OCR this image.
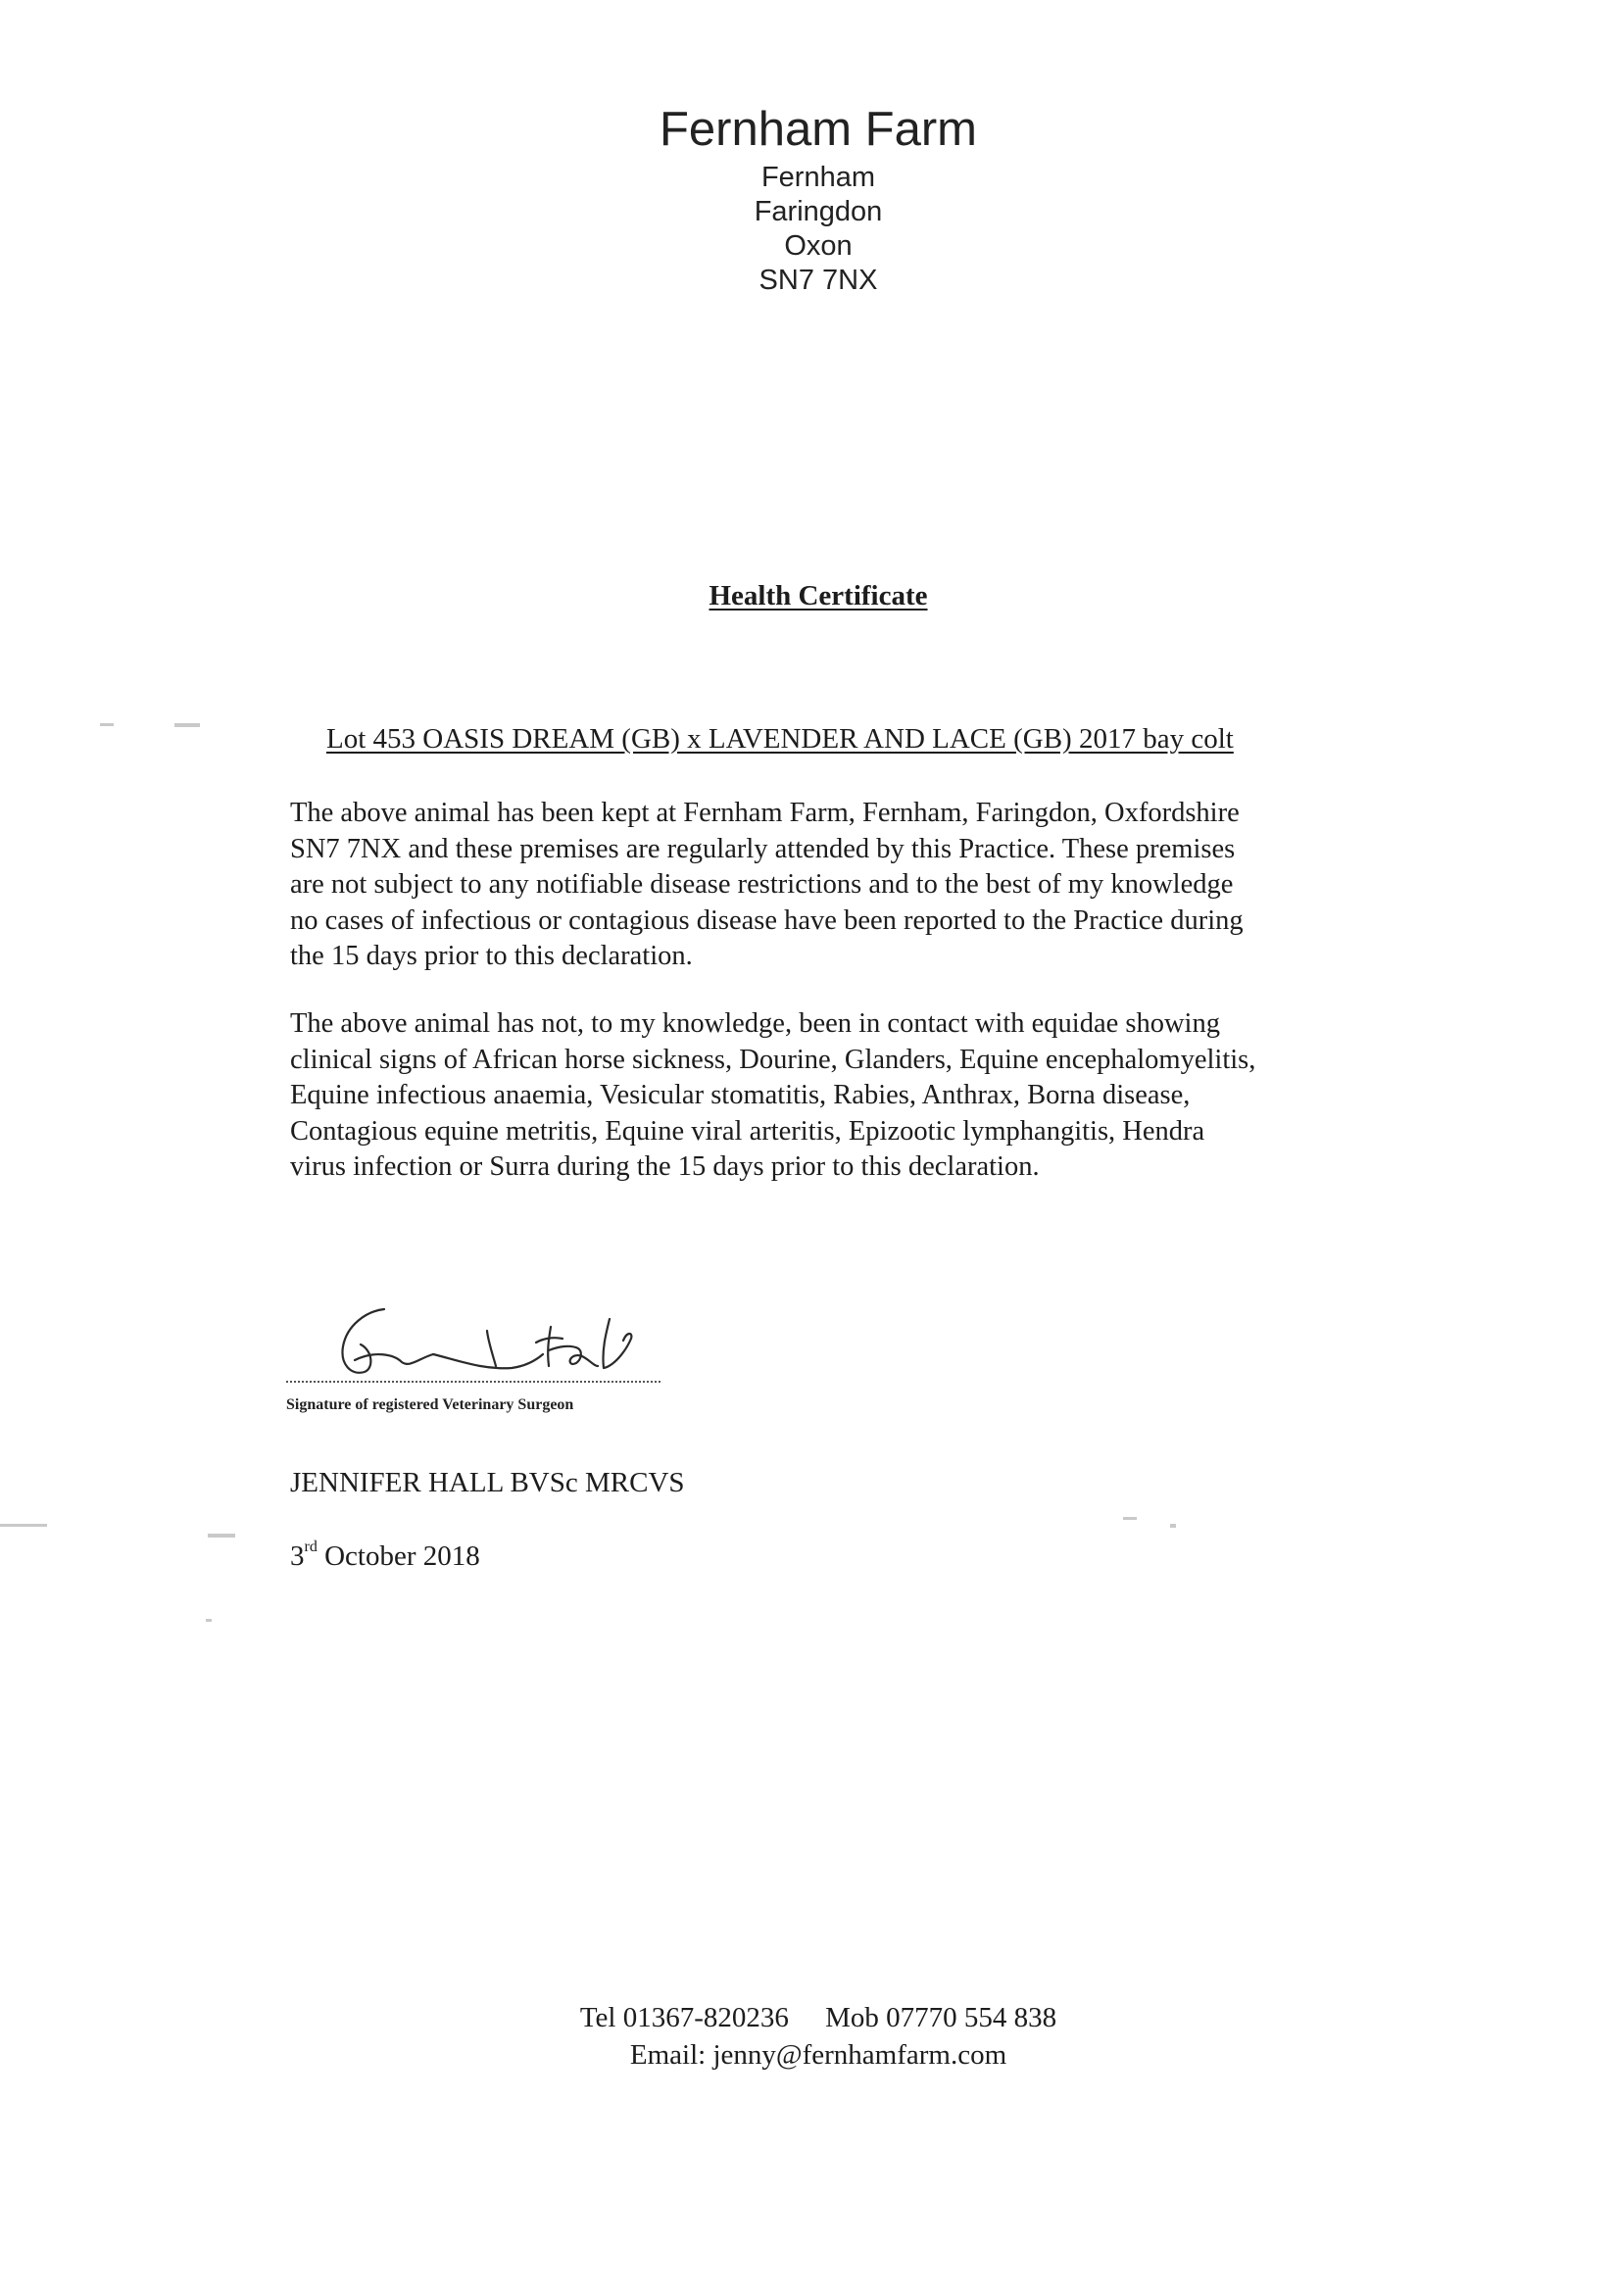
Fernham Farm
Fernham
Faringdon
Oxon
SN7 7NX
Health Certificate
Lot 453 OASIS DREAM (GB) x LAVENDER AND LACE (GB) 2017 bay colt
The above animal has been kept at Fernham Farm, Fernham, Faringdon, Oxfordshire
SN7 7NX and these premises are regularly attended by this Practice. These premises
are not subject to any notifiable disease restrictions and to the best of my knowledge
no cases of infectious or contagious disease have been reported to the Practice during
the 15 days prior to this declaration.
The above animal has not, to my knowledge, been in contact with equidae showing
clinical signs of African horse sickness, Dourine, Glanders, Equine encephalomyelitis,
Equine infectious anaemia, Vesicular stomatitis, Rabies, Anthrax, Borna disease,
Contagious equine metritis, Equine viral arteritis, Epizootic lymphangitis, Hendra
virus infection or Surra during the 15 days prior to this declaration.
Signature of registered Veterinary Surgeon
JENNIFER HALL BVSc MRCVS
3rd October 2018
Tel 01367-820236 Mob 07770 554 838
Email: jenny@fernhamfarm.com
